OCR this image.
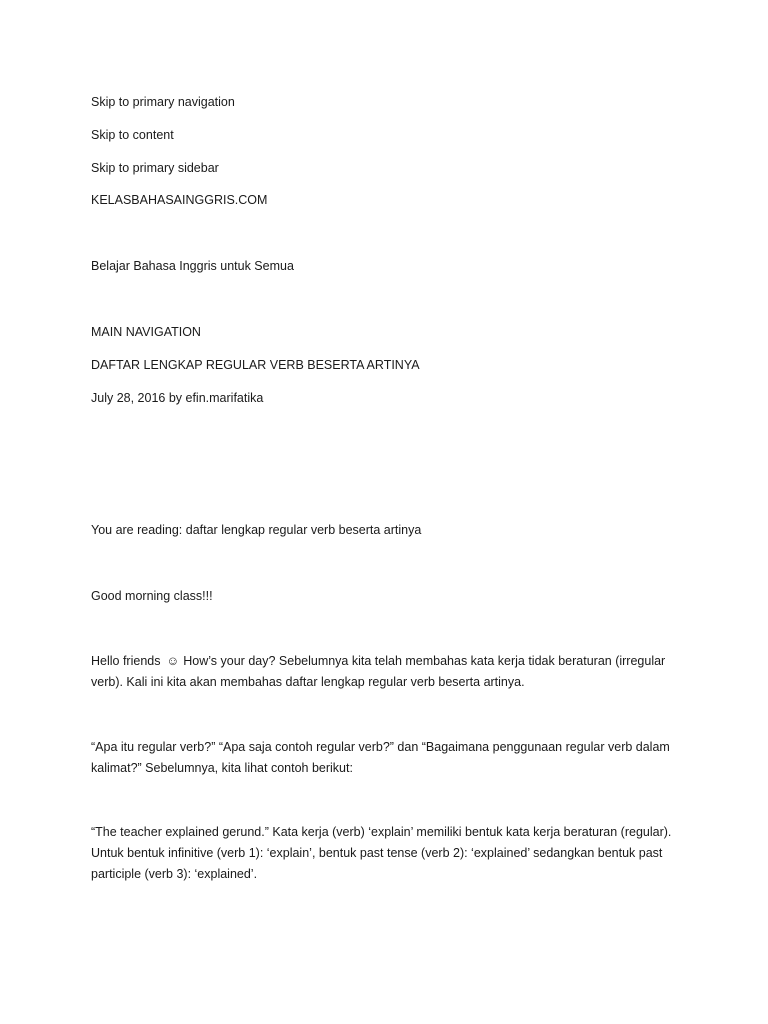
Skip to primary navigation

Skip to content

Skip to primary sidebar

KELASBAHASAINGGRIS.COM

Belajar Bahasa Inggris untuk Semua

MAIN NAVIGATION

DAFTAR LENGKAP REGULAR VERB BESERTA ARTINYA

July 28, 2016 by efin.marifatika

You are reading: daftar lengkap regular verb beserta artinya

Good morning class!!!

Hello friends ☺ How’s your day? Sebelumnya kita telah membahas kata kerja tidak beraturan (irregular verb). Kali ini kita akan membahas daftar lengkap regular verb beserta artinya.

“Apa itu regular verb?” “Apa saja contoh regular verb?” dan “Bagaimana penggunaan regular verb dalam kalimat?” Sebelumnya, kita lihat contoh berikut:

“The teacher explained gerund.” Kata kerja (verb) ‘explain’ memiliki bentuk kata kerja beraturan (regular). Untuk bentuk infinitive (verb 1): ‘explain’, bentuk past tense (verb 2): ‘explained’ sedangkan bentuk past participle (verb 3): ‘explained’.
